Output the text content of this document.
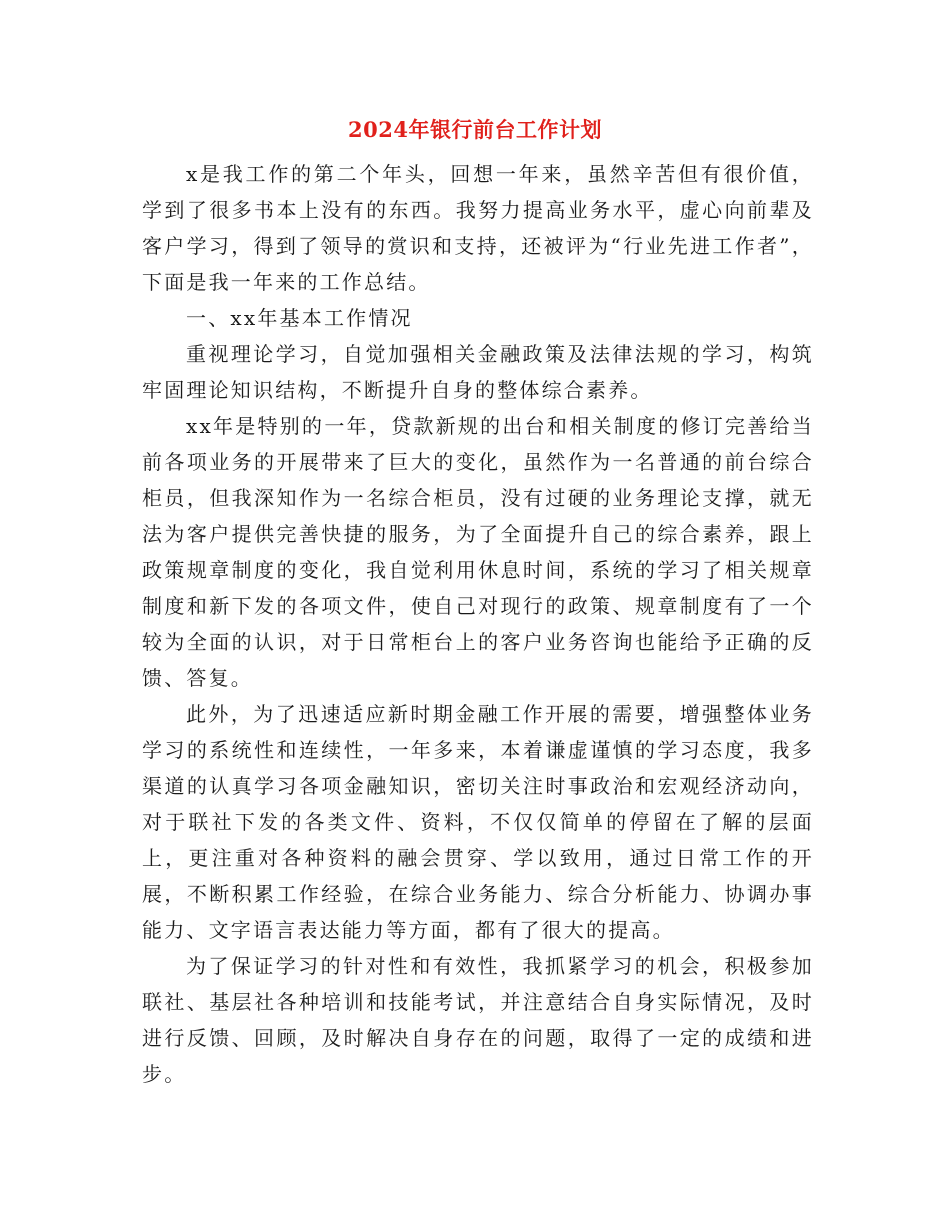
2024年银行前台工作计划

x是我工作的第二个年头，回想一年来，虽然辛苦但有很价值，学到了很多书本上没有的东西。我努力提高业务水平，虚心向前辈及客户学习，得到了领导的赏识和支持，还被评为“行业先进工作者”，下面是我一年来的工作总结。

一、xx年基本工作情况

重视理论学习，自觉加强相关金融政策及法律法规的学习，构筑牢固理论知识结构，不断提升自身的整体综合素养。

xx年是特别的一年，贷款新规的出台和相关制度的修订完善给当前各项业务的开展带来了巨大的变化，虽然作为一名普通的前台综合柜员，但我深知作为一名综合柜员，没有过硬的业务理论支撑，就无法为客户提供完善快捷的服务，为了全面提升自己的综合素养，跟上政策规章制度的变化，我自觉利用休息时间，系统的学习了相关规章制度和新下发的各项文件，使自己对现行的政策、规章制度有了一个较为全面的认识，对于日常柜台上的客户业务咨询也能给予正确的反馈、答复。

此外，为了迅速适应新时期金融工作开展的需要，增强整体业务学习的系统性和连续性，一年多来，本着谦虚谨慎的学习态度，我多渠道的认真学习各项金融知识，密切关注时事政治和宏观经济动向，对于联社下发的各类文件、资料，不仅仅简单的停留在了解的层面上，更注重对各种资料的融会贯穿、学以致用，通过日常工作的开展，不断积累工作经验，在综合业务能力、综合分析能力、协调办事能力、文字语言表达能力等方面，都有了很大的提高。

为了保证学习的针对性和有效性，我抓紧学习的机会，积极参加联社、基层社各种培训和技能考试，并注意结合自身实际情况，及时进行反馈、回顾，及时解决自身存在的问题，取得了一定的成绩和进步。
